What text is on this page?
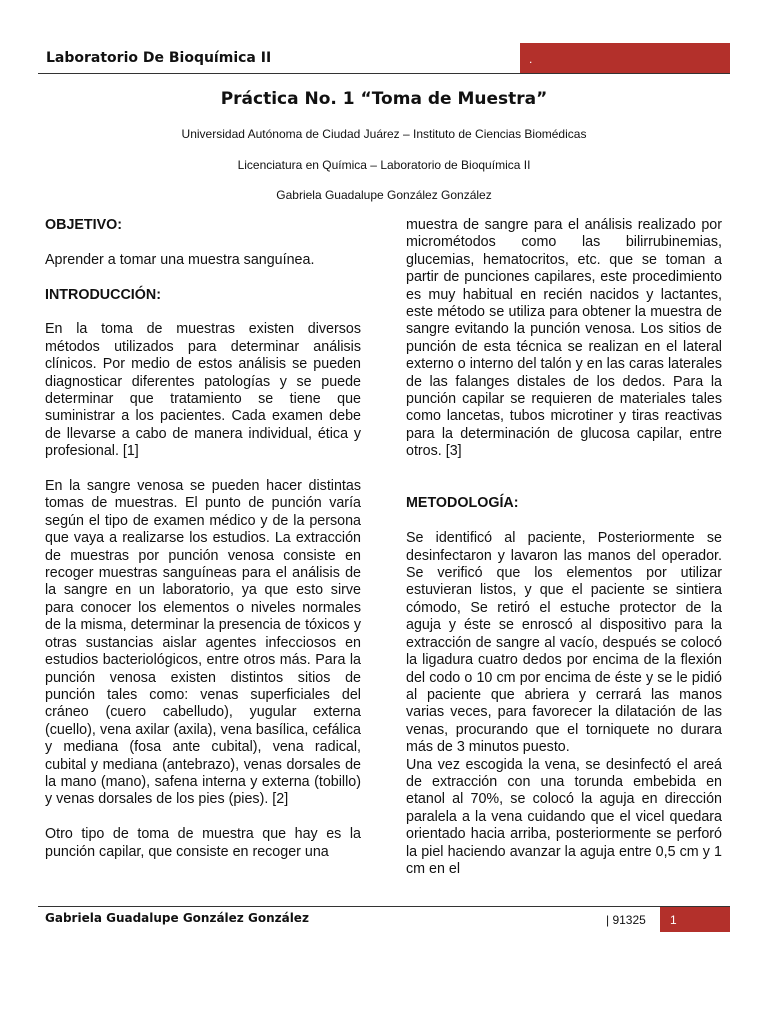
Laboratorio De Bioquímica II	.
Práctica No. 1 “Toma de Muestra”
Universidad Autónoma de Ciudad Juárez – Instituto de Ciencias Biomédicas
Licenciatura en Química – Laboratorio de Bioquímica II
Gabriela Guadalupe González González
OBJETIVO:

Aprender a tomar una muestra sanguínea.

INTRODUCCIÓN:

En la toma de muestras existen diversos métodos utilizados para determinar análisis clínicos. Por medio de estos análisis se pueden diagnosticar diferentes patologías y se puede determinar que tratamiento se tiene que suministrar a los pacientes. Cada examen debe de llevarse a cabo de manera individual, ética y profesional. [1]

En la sangre venosa se pueden hacer distintas tomas de muestras. El punto de punción varía según el tipo de examen médico y de la persona que vaya a realizarse los estudios. La extracción de muestras por punción venosa consiste en recoger muestras sanguíneas para el análisis de la sangre en un laboratorio, ya que esto sirve para conocer los elementos o niveles normales de la misma, determinar la presencia de tóxicos y otras sustancias aislar agentes infecciosos en estudios bacteriológicos, entre otros más. Para la punción venosa existen distintos sitios de punción tales como: venas superficiales del cráneo (cuero cabelludo), yugular externa (cuello), vena axilar (axila), vena basílica, cefálica y mediana (fosa ante cubital), vena radical, cubital y mediana (antebrazo), venas dorsales de la mano (mano), safena interna y externa (tobillo) y venas dorsales de los pies (pies). [2]

Otro tipo de toma de muestra que hay es la punción capilar, que consiste en recoger una

muestra de sangre para el análisis realizado por micrométodos como las bilirrubinemias, glucemias, hematocritos, etc. que se toman a partir de punciones capilares, este procedimiento es muy habitual en recién nacidos y lactantes, este método se utiliza para obtener la muestra de sangre evitando la punción venosa. Los sitios de punción de esta técnica se realizan en el lateral externo o interno del talón y en las caras laterales de las falanges distales de los dedos. Para la punción capilar se requieren de materiales tales como lancetas, tubos microtiner y tiras reactivas para la determinación de glucosa capilar, entre otros. [3]

METODOLOGÍA:

Se identificó al paciente, Posteriormente se desinfectaron y lavaron las manos del operador. Se verificó que los elementos por utilizar estuvieran listos, y que el paciente se sintiera cómodo, Se retiró el estuche protector de la aguja y éste se enroscó al dispositivo para la extracción de sangre al vacío, después se colocó la ligadura cuatro dedos por encima de la flexión del codo o 10 cm por encima de éste y se le pidió al paciente que abriera y cerrará las manos varias veces, para favorecer la dilatación de las venas, procurando que el torniquete no durara más de 3 minutos puesto.

Una vez escogida la vena, se desinfectó el areá de extracción con una torunda embebida en etanol al 70%, se colocó la aguja en dirección paralela a la vena cuidando que el vicel quedara orientado hacia arriba, posteriormente se perforó la piel haciendo avanzar la aguja entre 0,5 cm y 1 cm en el

Gabriela Guadalupe González González	| 91325 1
